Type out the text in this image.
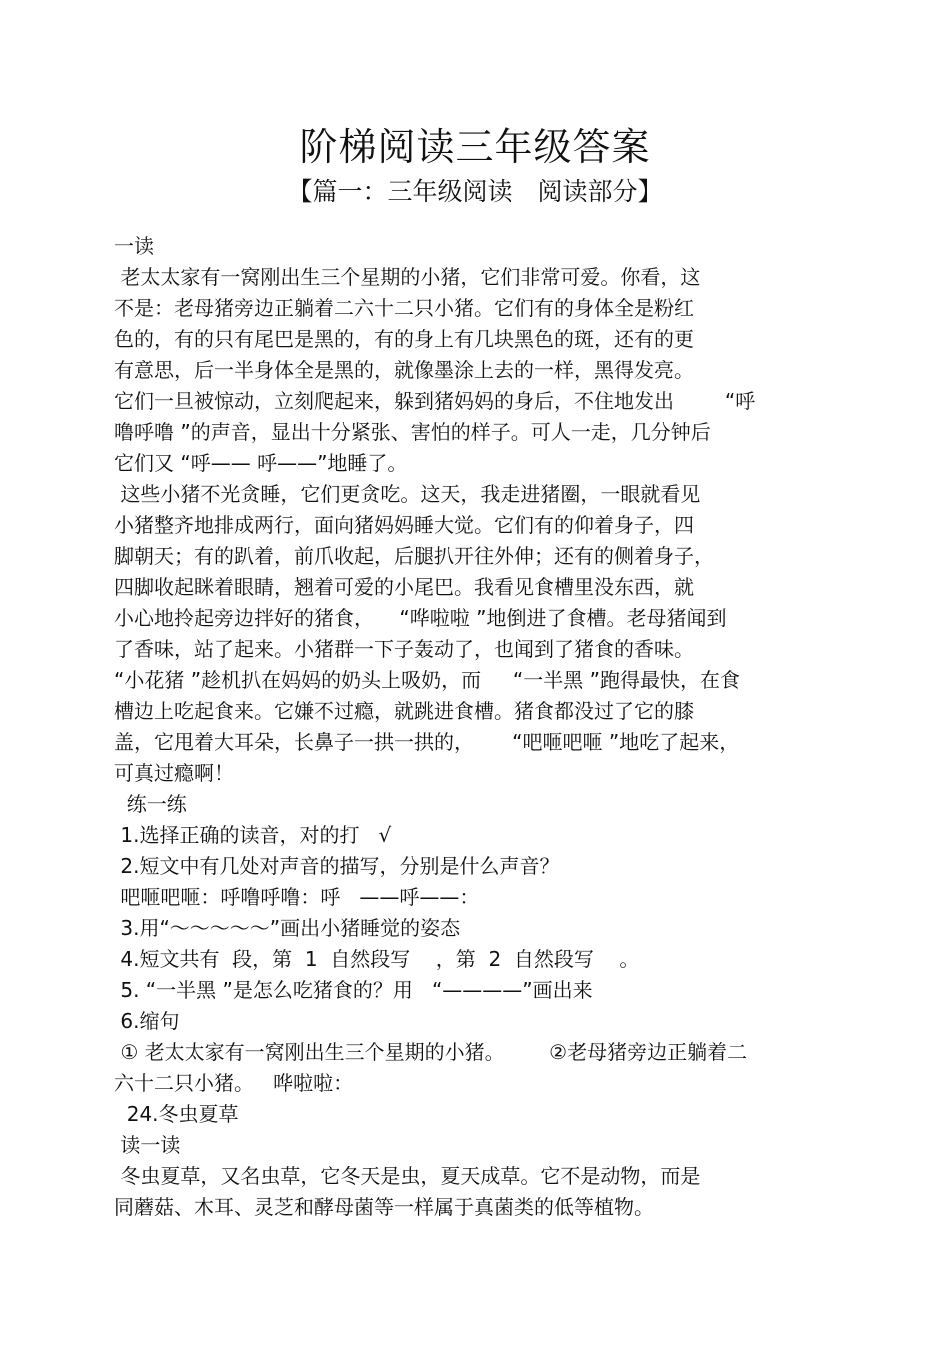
阶梯阅读三年级答案
【篇一：三年级阅读　阅读部分】
一读
老太太家有一窝刚出生三个星期的小猪，它们非常可爱。你看，这
不是：老母猪旁边正躺着二六十二只小猪。它们有的身体全是粉红
色的，有的只有尾巴是黑的，有的身上有几块黑色的斑，还有的更
有意思，后一半身体全是黑的，就像墨涂上去的一样，黑得发亮。
它们一旦被惊动，立刻爬起来，躲到猪妈妈的身后，不住地发出        “呼
噜呼噜 ”的声音，显出十分紧张、害怕的样子。可人一走，几分钟后
它们又 “呼—— 呼——”地睡了。
这些小猪不光贪睡，它们更贪吃。这天，我走进猪圈，一眼就看见
小猪整齐地排成两行，面向猪妈妈睡大觉。它们有的仰着身子，四
脚朝天；有的趴着，前爪收起，后腿扒开往外伸；还有的侧着身子，
四脚收起眯着眼睛，翘着可爱的小尾巴。我看见食槽里没东西，就
小心地拎起旁边拌好的猪食，    “哗啦啦 ”地倒进了食槽。老母猪闻到
了香味，站了起来。小猪群一下子轰动了，也闻到了猪食的香味。
“小花猪 ”趁机扒在妈妈的奶头上吸奶，而     “一半黑 ”跑得最快，在食
槽边上吃起食来。它嫌不过瘾，就跳进食槽。猪食都没过了它的膝
盖，它甩着大耳朵，长鼻子一拱一拱的，      “吧咂吧咂 ”地吃了起来，
可真过瘾啊！
练一练
1.选择正确的读音，对的打   √
2.短文中有几处对声音的描写，分别是什么声音？
吧咂吧咂：呼噜呼噜：呼   ——呼——：
3.用“～～～～～”画出小猪睡觉的姿态
4.短文共有  段，第  1  自然段写    ，第  2  自然段写    。
5. “一半黑 ”是怎么吃猪食的？用   “————”画出来
6.缩句
① 老太太家有一窝刚出生三个星期的小猪。       ②老母猪旁边正躺着二
六十二只小猪。   哗啦啦：
24.冬虫夏草
读一读
冬虫夏草，又名虫草，它冬天是虫，夏天成草。它不是动物，而是
同蘑菇、木耳、灵芝和酵母菌等一样属于真菌类的低等植物。
